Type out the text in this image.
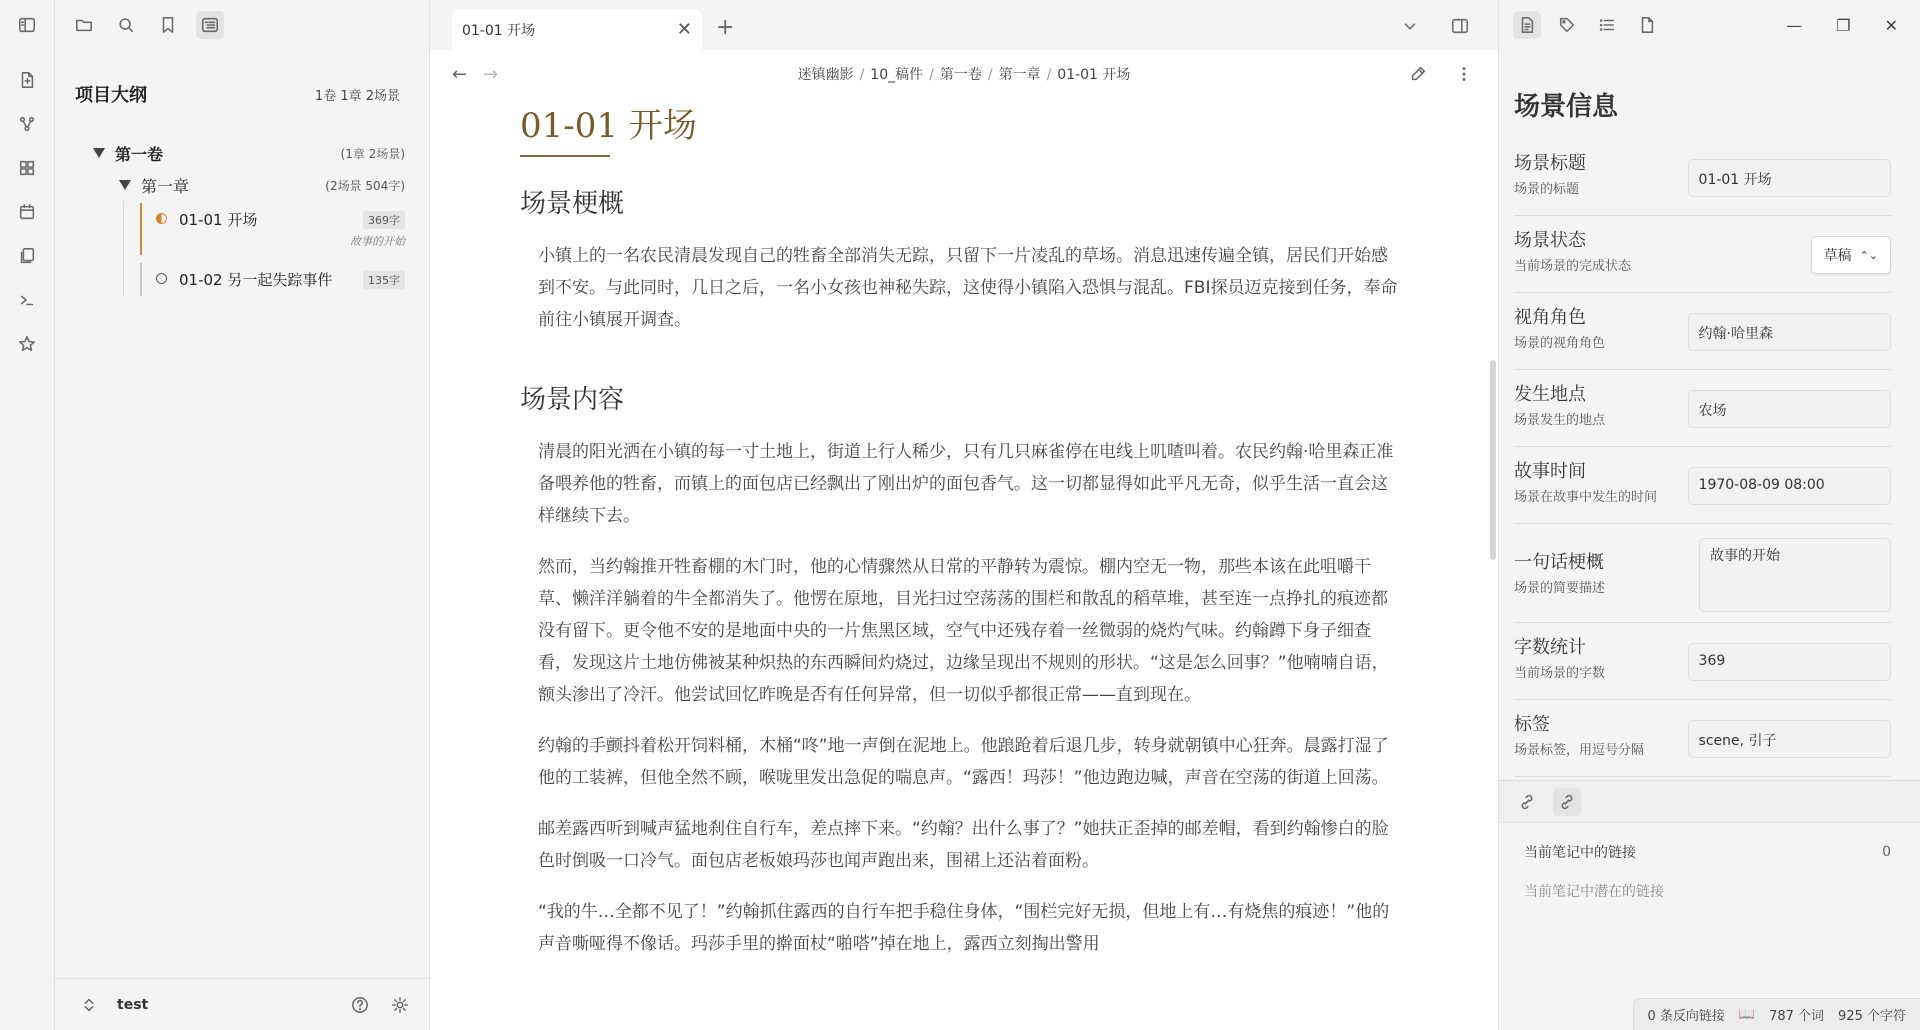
项目大纲	1卷 1章 2场景
第一卷	(1章 2场景)
第一章	(2场景 504字)
01-01 开场	369字
故事的开始
01-02 另一起失踪事件	135字
test
01-01 开场	✕ +
← →	迷镇幽影 / 10_稿件 / 第一卷 / 第一章 / 01-01 开场
01-01 开场
场景梗概
小镇上的一名农民清晨发现自己的牲畜全部消失无踪，只留下一片凌乱的草场。消息迅速传遍全镇，居民们开始感到不安。与此同时，几日之后，一名小女孩也神秘失踪，这使得小镇陷入恐惧与混乱。FBI探员迈克接到任务，奉命前往小镇展开调查。
场景内容
清晨的阳光洒在小镇的每一寸土地上，街道上行人稀少，只有几只麻雀停在电线上叽喳叫着。农民约翰·哈里森正准备喂养他的牲畜，而镇上的面包店已经飘出了刚出炉的面包香气。这一切都显得如此平凡无奇，似乎生活一直会这样继续下去。
然而，当约翰推开牲畜棚的木门时，他的心情骤然从日常的平静转为震惊。棚内空无一物，那些本该在此咀嚼干草、懒洋洋躺着的牛全都消失了。他愣在原地，目光扫过空荡荡的围栏和散乱的稻草堆，甚至连一点挣扎的痕迹都没有留下。更令他不安的是地面中央的一片焦黑区域，空气中还残存着一丝微弱的烧灼气味。约翰蹲下身子细查看，发现这片土地仿佛被某种炽热的东西瞬间灼烧过，边缘呈现出不规则的形状。“这是怎么回事？”他喃喃自语，额头渗出了冷汗。他尝试回忆昨晚是否有任何异常，但一切似乎都很正常——直到现在。
约翰的手颤抖着松开饲料桶，木桶“咚”地一声倒在泥地上。他踉跄着后退几步，转身就朝镇中心狂奔。晨露打湿了他的工装裤，但他全然不顾，喉咙里发出急促的喘息声。“露西！玛莎！”他边跑边喊，声音在空荡的街道上回荡。
邮差露西听到喊声猛地刹住自行车，差点摔下来。“约翰？出什么事了？”她扶正歪掉的邮差帽，看到约翰惨白的脸色时倒吸一口冷气。面包店老板娘玛莎也闻声跑出来，围裙上还沾着面粉。
“我的牛…全都不见了！”约翰抓住露西的自行车把手稳住身体，“围栏完好无损，但地上有…有烧焦的痕迹！”他的声音嘶哑得不像话。玛莎手里的擀面杖“啪嗒”掉在地上，露西立刻掏出警用
— ❐ ✕
场景信息
场景标题
场景的标题
01-01 开场
场景状态
当前场景的完成状态
草稿 ⌃⌄
视角角色
场景的视角角色
约翰·哈里森
发生地点
场景发生的地点
农场
故事时间
场景在故事中发生的时间
1970-08-09 08:00
一句话梗概
场景的简要描述
故事的开始
字数统计
当前场景的字数
369
标签
场景标签，用逗号分隔
scene, 引子
当前笔记中的链接	0
当前笔记中潜在的链接
0 条反向链接 📖 787 个词 925 个字符
